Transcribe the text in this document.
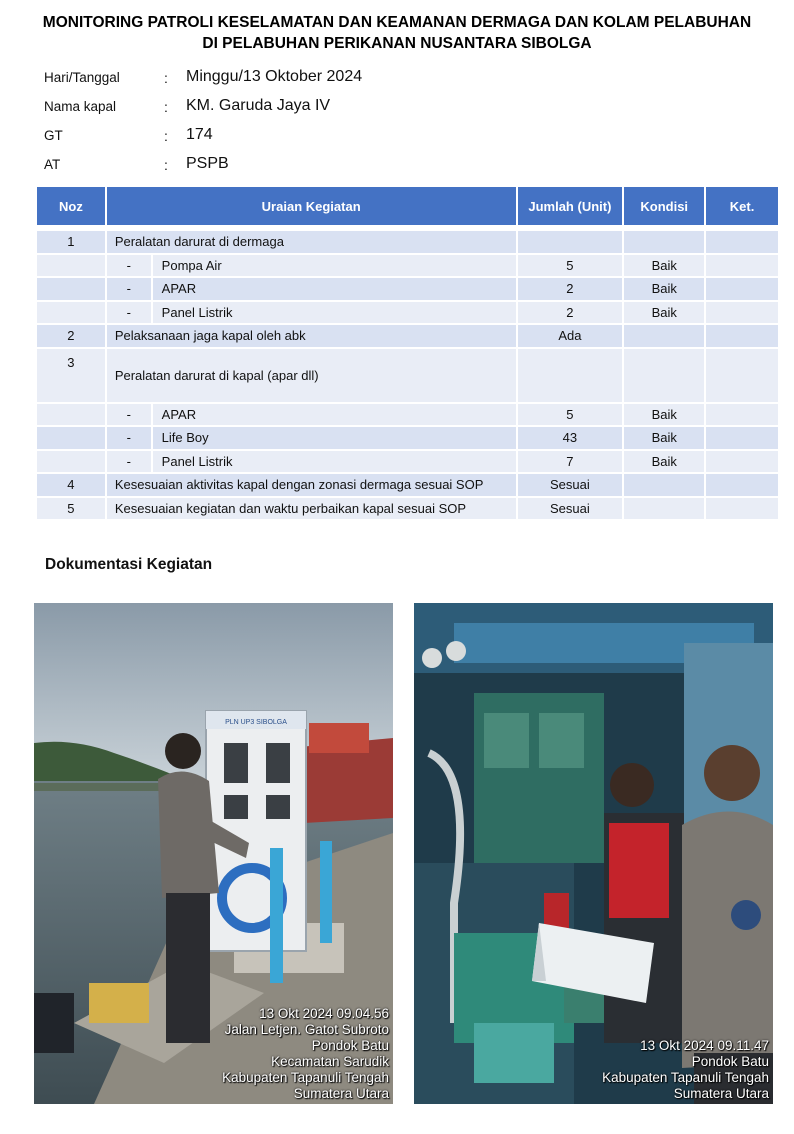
MONITORING PATROLI KESELAMATAN DAN KEAMANAN DERMAGA DAN KOLAM PELABUHAN
DI PELABUHAN PERIKANAN NUSANTARA SIBOLGA
Hari/Tanggal	: Minggu/13 Oktober 2024
Nama kapal	: KM. Garuda Jaya IV
GT	: 174
AT	: PSPB
Noz	Uraian Kegiatan		Jumlah (Unit)	Kondisi	Ket.

1	Peralatan darurat di dermaga				
	-	Pompa Air	5	Baik	
	-	APAR	2	Baik	
	-	Panel Listrik	2	Baik	
2	Pelaksanaan jaga kapal oleh abk		Ada		
3	Peralatan darurat di kapal (apar dll)				
	-	APAR	5	Baik	
	-	Life Boy	43	Baik	
	-	Panel Listrik	7	Baik	
4	Kesesuaian aktivitas kapal dengan zonasi dermaga sesuai SOP		Sesuai		
5	Kesesuaian kegiatan dan waktu perbaikan kapal sesuai SOP		Sesuai		
Dokumentasi Kegiatan
PLN UP3 SIBOLGA
13 Okt 2024 09.04.56
Jalan Letjen. Gatot Subroto
Pondok Batu
Kecamatan Sarudik
Kabupaten Tapanuli Tengah
Sumatera Utara
13 Okt 2024 09.11.47
Pondok Batu
Kabupaten Tapanuli Tengah
Sumatera Utara
